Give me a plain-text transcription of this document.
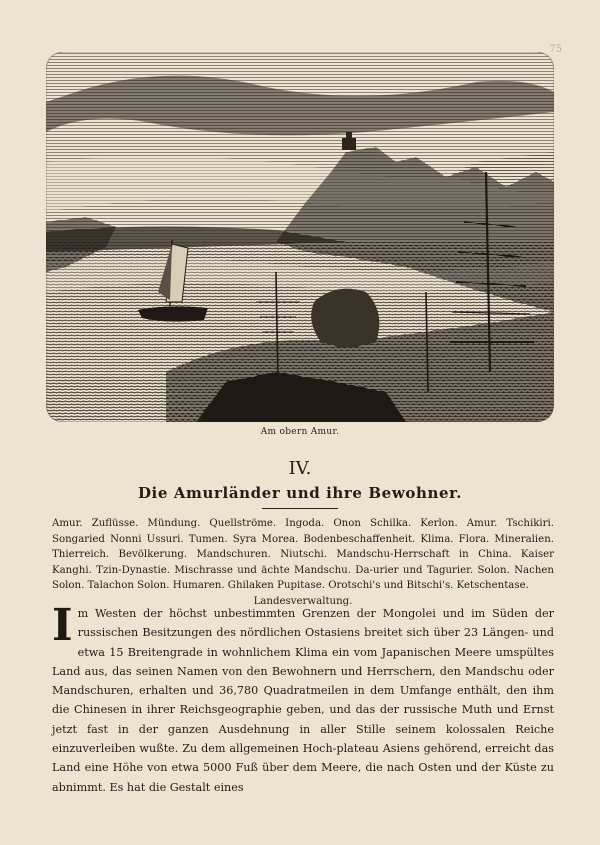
75
Am obern Amur.
IV.
Die Amurländer und ihre Bewohner.
Amur. Zuflüsse. Mündung. Quellströme. Ingoda. Onon Schilka. Kerlon. Amur. Tschikiri. Songaried Nonni Ussuri. Tumen. Syra Morea. Bodenbeschaffenheit. Klima. Flora. Mineralien. Thierreich. Bevölkerung. Mandschuren. Niutschi. Mandschu-Herrschaft in China. Kaiser Kanghi. Tzin-Dynastie. Mischrasse und ächte Mandschu. Da-urier und Tagurier. Solon. Nachen Solon. Talachon Solon. Humaren. Ghilaken Pupitase. Orotschi's und Bitschi's. Ketschentase.
Landesverwaltung.
Im Westen der höchst unbestimmten Grenzen der Mongolei und im Süden der russischen Besitzungen des nördlichen Ostasiens breitet sich über 23 Längen- und etwa 15 Breitengrade in wohnlichem Klima ein vom Japanischen Meere umspültes Land aus, das seinen Namen von den Bewohnern und Herrschern, den Mandschu oder Mandschuren, erhalten und 36,780 Quadratmeilen in dem Umfange enthält, den ihm die Chinesen in ihrer Reichsgeographie geben, und das der russische Muth und Ernst jetzt fast in der ganzen Ausdehnung in aller Stille seinem kolossalen Reiche einzuverleiben wußte. Zu dem allgemeinen Hoch-plateau Asiens gehörend, erreicht das Land eine Höhe von etwa 5000 Fuß über dem Meere, die nach Osten und der Küste zu abnimmt. Es hat die Gestalt eines
